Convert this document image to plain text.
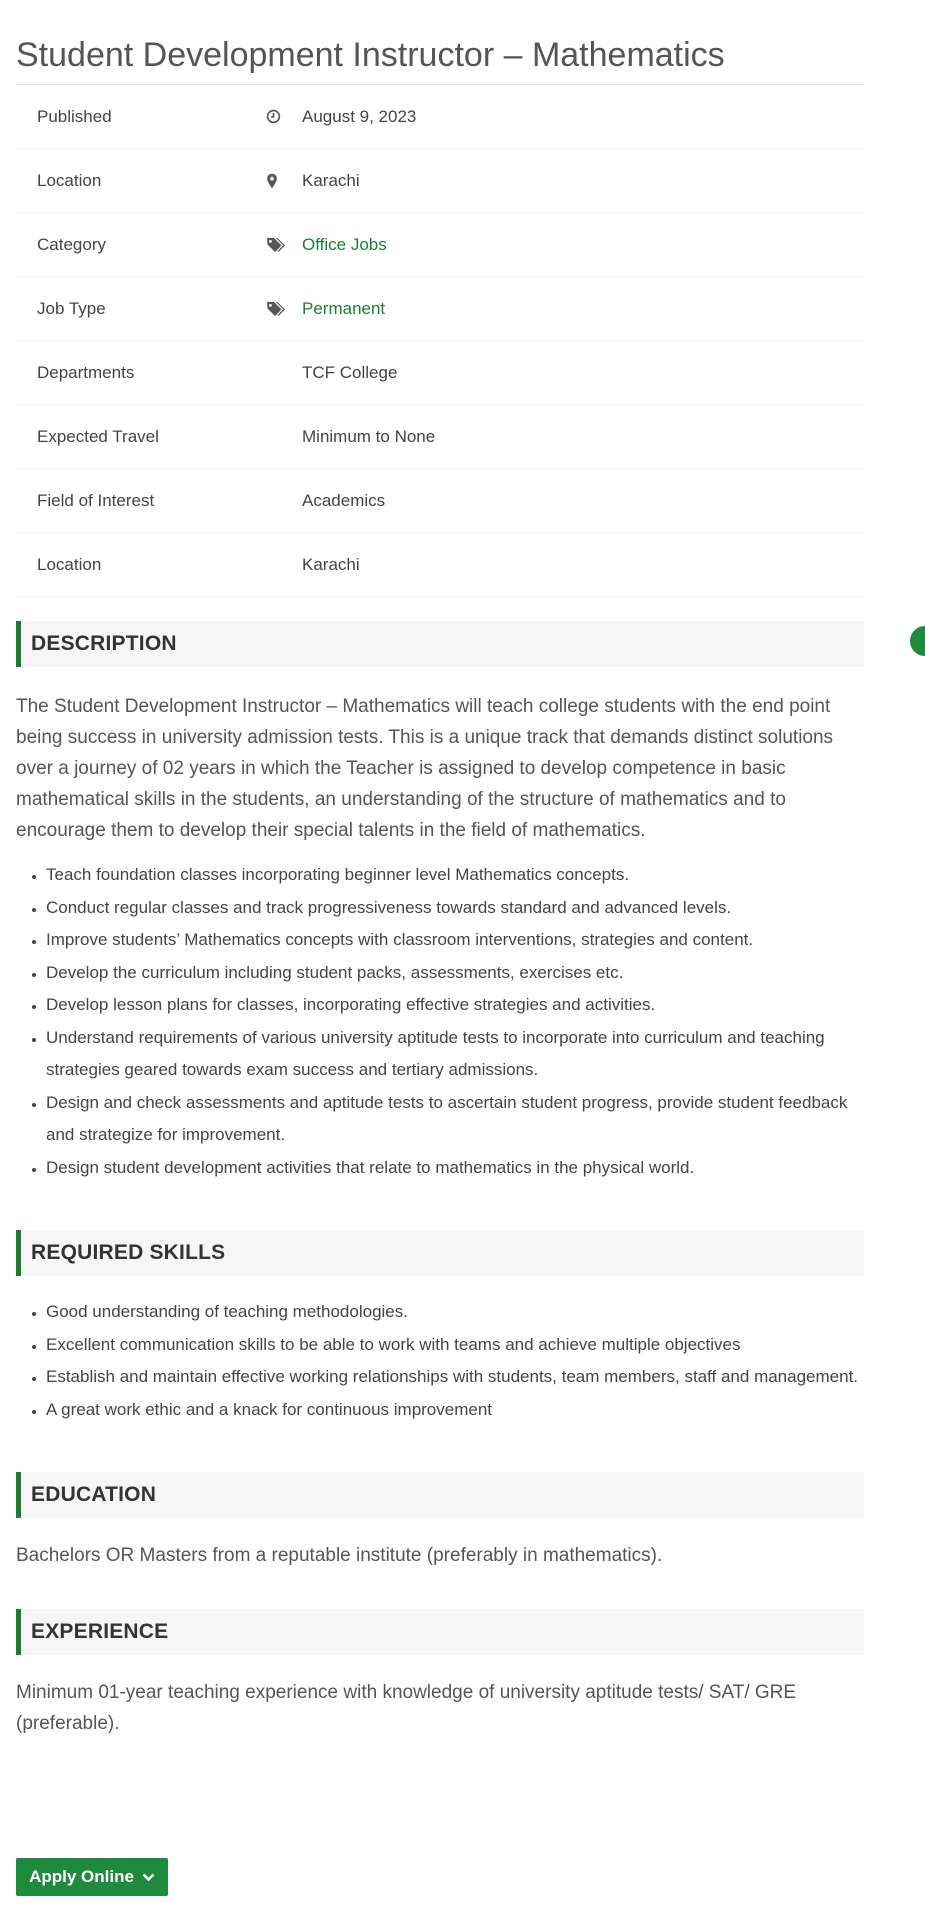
Student Development Instructor – Mathematics
Published	August 9, 2023
Location	Karachi
Category	Office Jobs
Job Type	Permanent
Departments	TCF College
Expected Travel	Minimum to None
Field of Interest	Academics
Location	Karachi
DESCRIPTION

The Student Development Instructor – Mathematics will teach college students with the end point being success in university admission tests. This is a unique track that demands distinct solutions over a journey of 02 years in which the Teacher is assigned to develop competence in basic mathematical skills in the students, an understanding of the structure of mathematics and to encourage them to develop their special talents in the field of mathematics.

• Teach foundation classes incorporating beginner level Mathematics concepts.
• Conduct regular classes and track progressiveness towards standard and advanced levels.
• Improve students’ Mathematics concepts with classroom interventions, strategies and content.
• Develop the curriculum including student packs, assessments, exercises etc.
• Develop lesson plans for classes, incorporating effective strategies and activities.
• Understand requirements of various university aptitude tests to incorporate into curriculum and teaching strategies geared towards exam success and tertiary admissions.
• Design and check assessments and aptitude tests to ascertain student progress, provide student feedback and strategize for improvement.
• Design student development activities that relate to mathematics in the physical world.
REQUIRED SKILLS
• Good understanding of teaching methodologies.
• Excellent communication skills to be able to work with teams and achieve multiple objectives
• Establish and maintain effective working relationships with students, team members, staff and management.
• A great work ethic and a knack for continuous improvement
EDUCATION

Bachelors OR Masters from a reputable institute (preferably in mathematics).

EXPERIENCE

Minimum 01-year teaching experience with knowledge of university aptitude tests/ SAT/ GRE (preferable).

Apply Online
